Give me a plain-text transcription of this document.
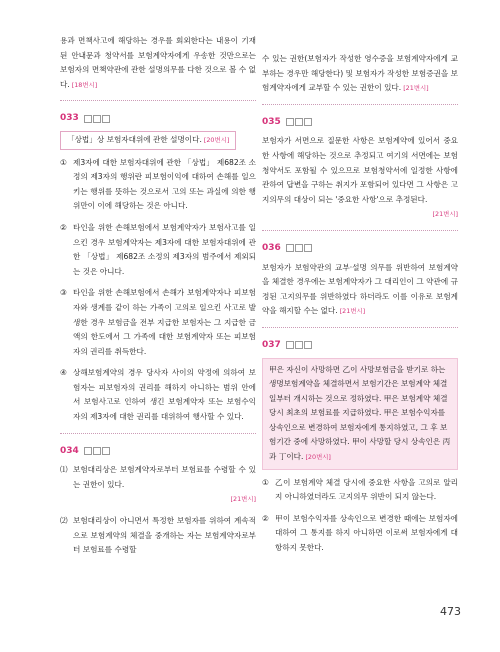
용과 면책사고에 해당하는 경우를 회외한다는 내용이 기재된 안내문과 청약서를 보험계약자에게 우송한 것만으로는 보험자의 면책약관에 관한 설명의무를 다한 것으로 볼 수 없다. [18변시]

033
「상법」상 보험자대위에 관한 설명이다. [20변시]
① 제3자에 대한 보험자대위에 관한 「상법」 제682조 소정의 제3자의 행위란 피보험이익에 대하여 손해를 일으키는 행위를 뜻하는 것으로서 고의 또는 과실에 의한 행위만이 이에 해당하는 것은 아니다.
② 타인을 위한 손해보험에서 보험계약자가 보험사고를 일으킨 경우 보험계약자는 제3자에 대한 보험자대위에 관한 「상법」 제682조 소정의 제3자의 범주에서 제외되는 것은 아니다.
③ 타인을 위한 손해보험에서 손해가 보험계약자나 피보험자와 생계를 같이 하는 가족이 고의로 일으킨 사고로 발생한 경우 보험금을 전부 지급한 보험자는 그 지급한 금액의 한도에서 그 가족에 대한 보험계약자 또는 피보험자의 권리를 취득한다.
④ 상해보험계약의 경우 당사자 사이의 약정에 의하여 보험자는 피보험자의 권리를 해하지 아니하는 범위 안에서 보험사고로 인하여 생긴 보험계약자 또는 보험수익자의 제3자에 대한 권리를 대위하여 행사할 수 있다.
034
⑴ 보험대리상은 보험계약자로부터 보험료를 수령할 수 있는 권한이 있다.
[21변시]
⑵ 보험대리상이 아니면서 특정한 보험자를 위하여 계속적으로 보험계약의 체결을 중개하는 자는 보험계약자로부터 보험료를 수령할

수 있는 권한(보험자가 작성한 영수증을 보험계약자에게 교부하는 경우만 해당한다) 및 보험자가 작성한 보험증권을 보험계약자에게 교부할 수 있는 권한이 있다. [21변시]

035

보험자가 서면으로 질문한 사항은 보험계약에 있어서 중요한 사항에 해당하는 것으로 추정되고 여기의 서면에는 보험청약서도 포함될 수 있으므로 보험청약서에 일정한 사항에 관하여 답변을 구하는 취지가 포함되어 있다면 그 사항은 고지의무의 대상이 되는 '중요한 사항'으로 추정된다.
[21변시]

036

보험자가 보험약관의 교부·설명 의무를 위반하여 보험계약을 체결한 경우에는 보험계약자가 그 대리인이 그 약관에 규정된 고지의무를 위반하였다 하더라도 이를 이유로 보험계약을 해지할 수는 없다. [21변시]

037
甲은 자신이 사망하면 乙이 사망보험금을 받기로 하는 생명보험계약을 체결하면서 보험기간은 보험계약 체결일부터 개시하는 것으로 정하였다. 甲은 보험계약 체결 당시 최초의 보험료를 지급하였다. 甲은 보험수익자를 상속인으로 변경하여 보험자에게 통지하였고, 그 후 보험기간 중에 사망하였다. 甲이 사망할 당시 상속인은 丙과 丁이다. [20변시]
① 乙이 보험계약 체결 당시에 중요한 사항을 고의로 알리지 아니하였더라도 고지의무 위반이 되지 않는다.
② 甲이 보험수익자를 상속인으로 변경한 때에는 보험자에 대하여 그 통지를 하지 아니하면 이로써 보험자에게 대항하지 못한다.
473
